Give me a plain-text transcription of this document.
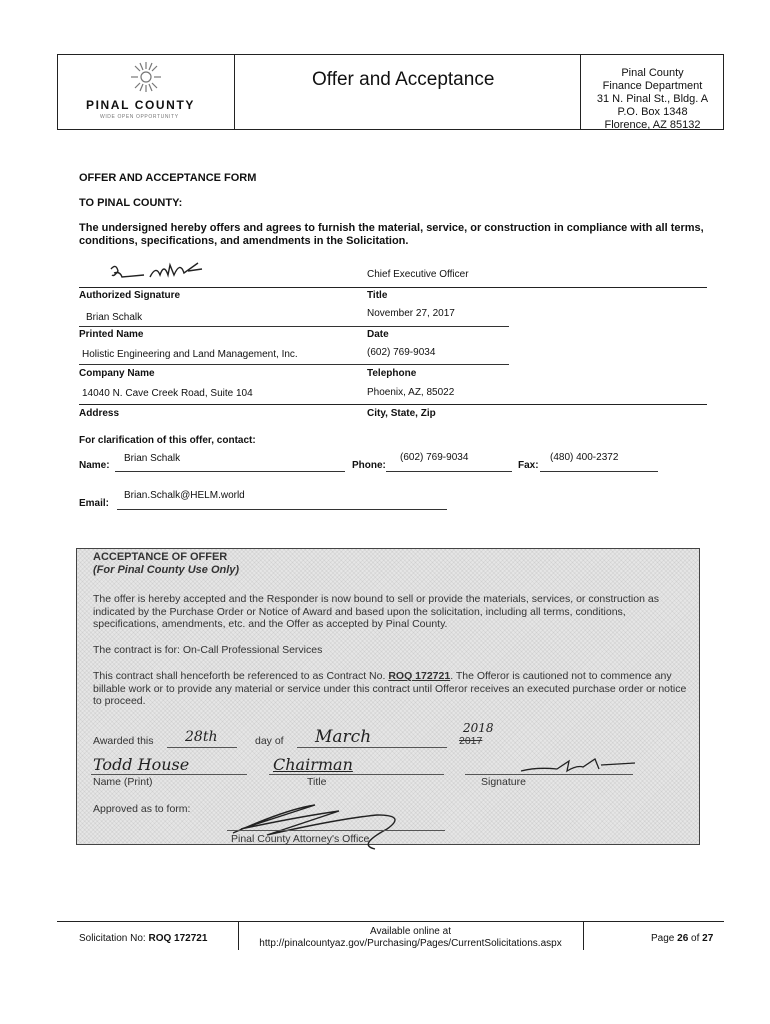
PINAL COUNTY
WIDE OPEN OPPORTUNITY
Offer and Acceptance	Pinal County
Finance Department
31 N. Pinal St., Bldg. A
P.O. Box 1348
Florence, AZ 85132
OFFER AND ACCEPTANCE FORM
TO PINAL COUNTY:
The undersigned hereby offers and agrees to furnish the material, service, or construction in compliance with all terms, conditions, specifications, and amendments in the Solicitation.
Chief Executive Officer
Authorized Signature	Title
Brian Schalk	November 27, 2017
Printed Name	Date
Holistic Engineering and Land Management, Inc.	(602) 769-9034
Company Name	Telephone
14040 N. Cave Creek Road, Suite 104	Phoenix, AZ, 85022
Address	City, State, Zip
For clarification of this offer, contact:
Name:
Brian Schalk
Phone:
(602) 769-9034
Fax:
(480) 400-2372
Email:
Brian.Schalk@HELM.world
ACCEPTANCE OF OFFER
(For Pinal County Use Only)
The offer is hereby accepted and the Responder is now bound to sell or provide the materials, services, or construction as indicated by the Purchase Order or Notice of Award and based upon the solicitation, including all terms, conditions, specifications, amendments, etc. and the Offer as accepted by Pinal County.
The contract is for: On-Call Professional Services
This contract shall henceforth be referenced to as Contract No. ROQ 172721. The Offeror is cautioned not to commence any billable work or to provide any material or service under this contract until Offeror receives an executed purchase order or notice to proceed.
Awarded this 28th	day of March	2018
2017
Todd House	Chairman
Name (Print)	Title	Signature
Approved as to form:
Pinal County Attorney's Office
Solicitation No: ROQ 172721
Available online at
http://pinalcountyaz.gov/Purchasing/Pages/CurrentSolicitations.aspx	Page 26 of 27
